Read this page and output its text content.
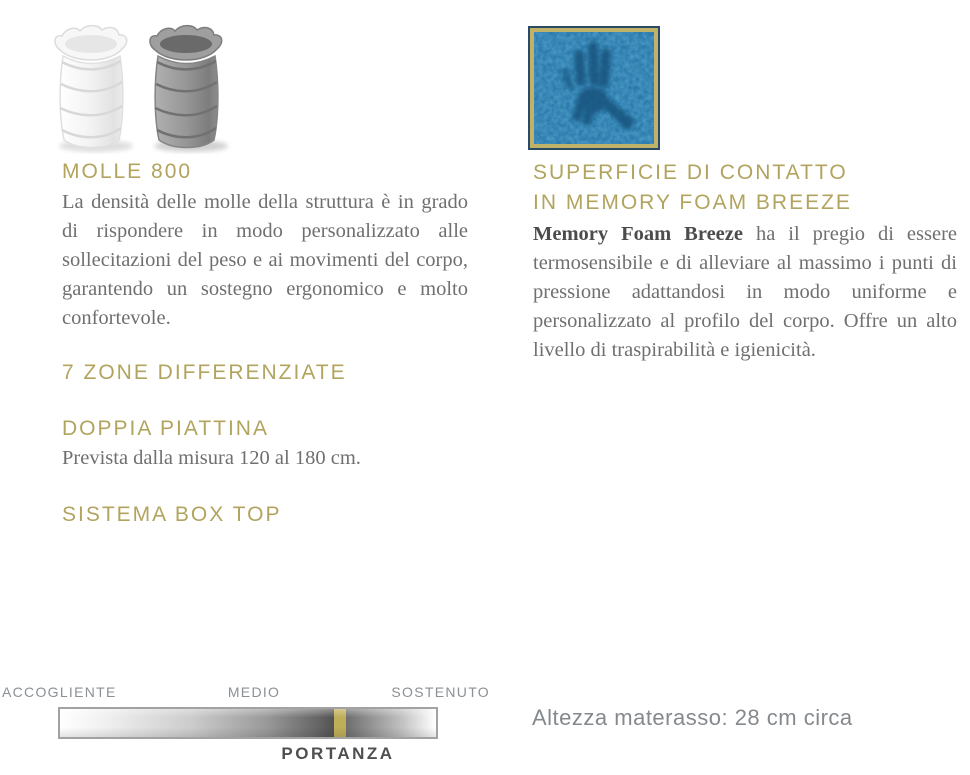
MOLLE 800

La densità delle molle della struttura è in grado di rispondere in modo personalizzato alle sollecitazioni del peso e ai movimenti del corpo, garantendo un sostegno ergonomico e molto confortevole.

7 ZONE DIFFERENZIATE
DOPPIA PIATTINA

Prevista dalla misura 120 al 180 cm.

SISTEMA BOX TOP
SUPERFICIE DI CONTATTO
IN MEMORY FOAM BREEZE

Memory Foam Breeze ha il pregio di essere termosensibile e di alleviare al massimo i punti di pressione adattandosi in modo uniforme e personalizzato al profilo del corpo. Offre un alto livello di traspirabilità e igienicità.

ACCOGLIENTE	MEDIO	SOSTENUTO
PORTANZA
Altezza materasso: 28 cm circa
